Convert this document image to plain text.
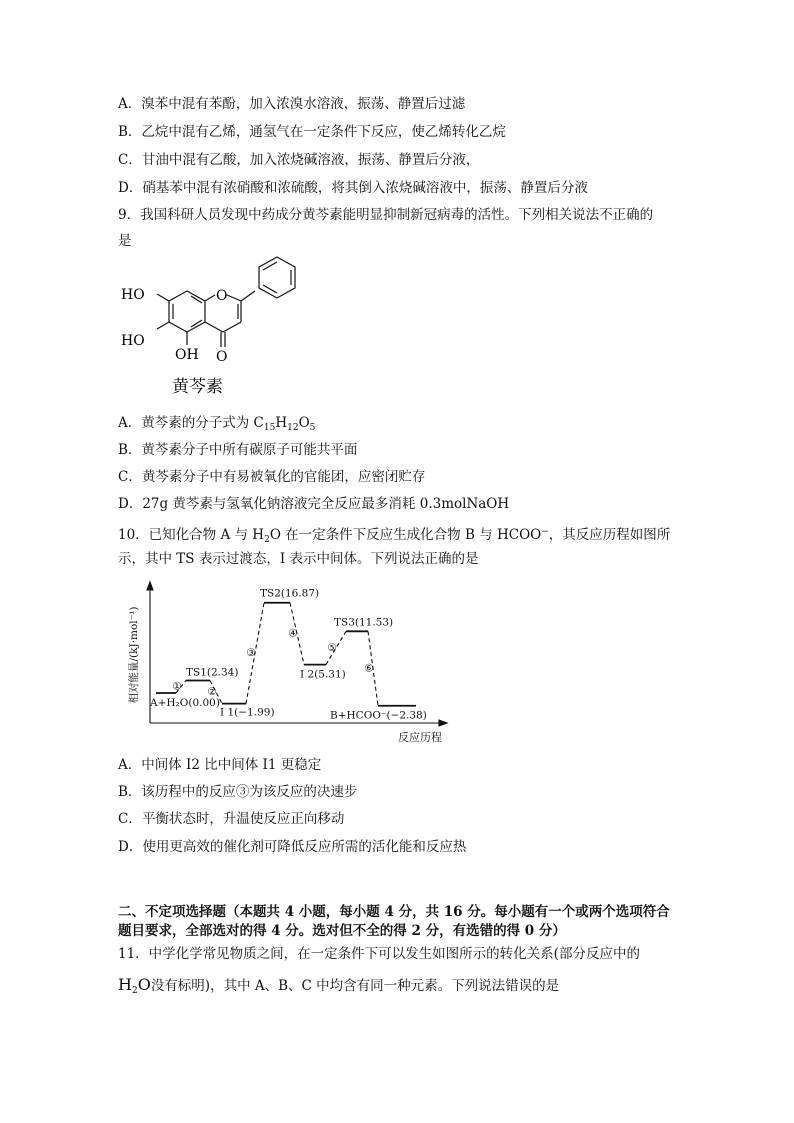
A．溴苯中混有苯酚，加入浓溴水溶液，振荡、静置后过滤
B．乙烷中混有乙烯，通氢气在一定条件下反应，使乙烯转化乙烷
C．甘油中混有乙酸，加入浓烧碱溶液，振荡、静置后分液，
D．硝基苯中混有浓硝酸和浓硫酸，将其倒入浓烧碱溶液中，振荡、静置后分液
9．我国科研人员发现中药成分黄芩素能明显抑制新冠病毒的活性。下列相关说法不正确的
是
HO
HO
OH
O
O
黄芩素
A．黄芩素的分子式为 $C_{15}H_{12}O_5$
B．黄芩素分子中所有碳原子可能共平面
C．黄芩素分子中有易被氧化的官能团，应密闭贮存
D．27g 黄芩素与氢氧化钠溶液完全反应最多消耗 0.3molNaOH
10．已知化合物 A 与 $H_2O$ 在一定条件下反应生成化合物 B 与 HCOO−，其反应历程如图所
示，其中 TS 表示过渡态，I 表示中间体。下列说法正确的是
相对能量/(kJ·mol⁻¹)
反应历程
A+H₂O(0.00)
TS1(2.34)
①
I 1(−1.99)
②
TS2(16.87)
③
I 2(5.31)
④
TS3(11.53)
⑤
B+HCOO⁻(−2.38)
⑥
A．中间体 I2 比中间体 I1 更稳定
B．该历程中的反应③为该反应的决速步
C．平衡状态时，升温使反应正向移动
D．使用更高效的催化剂可降低反应所需的活化能和反应热
二、不定项选择题（本题共 4 小题，每小题 4 分，共 16 分。每小题有一个或两个选项符合
题目要求，全部选对的得 4 分。选对但不全的得 2 分，有选错的得 0 分）
11．中学化学常见物质之间，在一定条件下可以发生如图所示的转化关系(部分反应中的
$H_2O$没有标明)，其中 A、B、C 中均含有同一种元素。下列说法错误的是
